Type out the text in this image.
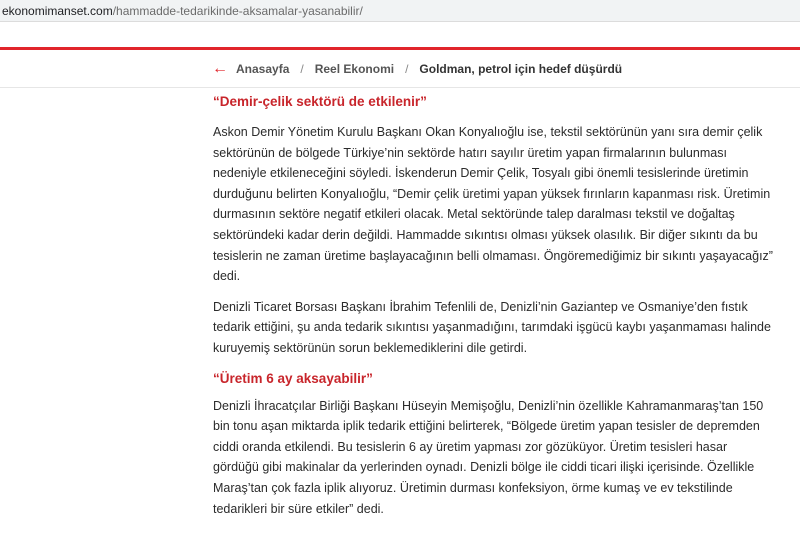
ekonomimanset.com/hammadde-tedarikinde-aksamalar-yasanabilir/
← Anasayfa / Reel Ekonomi / Goldman, petrol için hedef düşürdü
“Demir-çelik sektörü de etkilenir”

Askon Demir Yönetim Kurulu Başkanı Okan Konyalıoğlu ise, tekstil sektörünün yanı sıra demir çelik sektörünün de bölgede Türkiye’nin sektörde hatırı sayılır üretim yapan firmalarının bulunması nedeniyle etkileneceğini söyledi. İskenderun Demir Çelik, Tosyalı gibi önemli tesislerinde üretimin durduğunu belirten Konyalıoğlu, “Demir çelik üretimi yapan yüksek fırınların kapanması risk. Üretimin durmasının sektöre negatif etkileri olacak. Metal sektöründe talep daralması tekstil ve doğaltaş sektöründeki kadar derin değildi. Hammadde sıkıntısı olması yüksek olasılık. Bir diğer sıkıntı da bu tesislerin ne zaman üretime başlayacağının belli olmaması. Öngöremediğimiz bir sıkıntı yaşayacağız” dedi.

Denizli Ticaret Borsası Başkanı İbrahim Tefenlili de, Denizli’nin Gaziantep ve Osmaniye’den fıstık tedarik ettiğini, şu anda tedarik sıkıntısı yaşanmadığını, tarımdaki işgücü kaybı yaşanmaması halinde kuruyemiş sektörünün sorun beklemediklerini dile getirdi.

“Üretim 6 ay aksayabilir”

Denizli İhracatçılar Birliği Başkanı Hüseyin Memişoğlu, Denizli’nin özellikle Kahramanmaraş’tan 150 bin tonu aşan miktarda iplik tedarik ettiğini belirterek, “Bölgede üretim yapan tesisler de depremden ciddi oranda etkilendi. Bu tesislerin 6 ay üretim yapması zor gözüküyor. Üretim tesisleri hasar gördüğü gibi makinalar da yerlerinden oynadı. Denizli bölge ile ciddi ticari ilişki içerisinde. Özellikle Maraş’tan çok fazla iplik alıyoruz. Üretimin durması konfeksiyon, örme kumaş ve ev tekstilinde tedarikleri bir süre etkiler” dedi.
